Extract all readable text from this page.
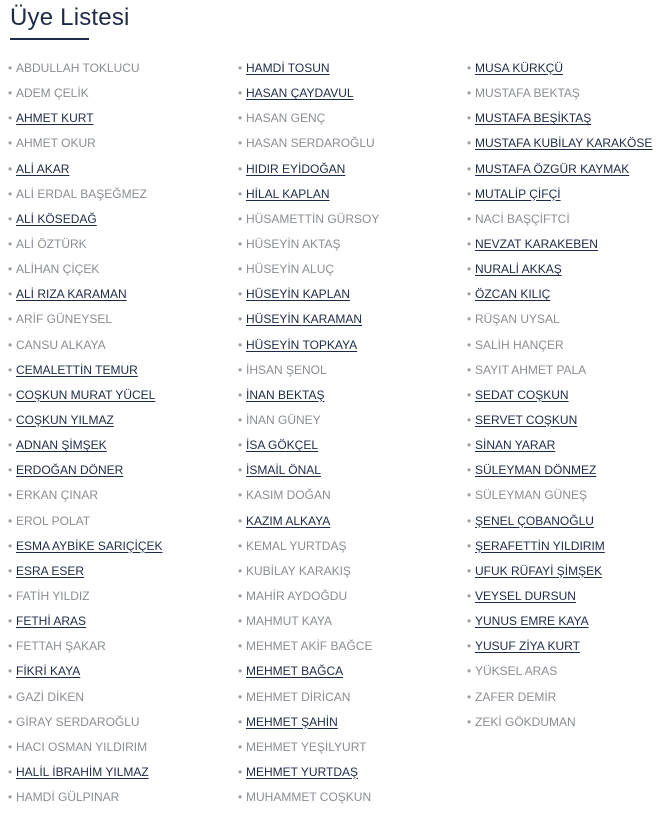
Üye Listesi
• ABDULLAH TOKLUCU
• ADEM ÇELİK
• AHMET KURT
• AHMET OKUR
• ALİ AKAR
• ALİ ERDAL BAŞEĞMEZ
• ALİ KÖSEDAĞ
• ALİ ÖZTÜRK
• ALİHAN ÇİÇEK
• ALİ RIZA KARAMAN
• ARİF GÜNEYSEL
• CANSU ALKAYA
• CEMALETTİN TEMUR
• COŞKUN MURAT YÜCEL
• COŞKUN YILMAZ
• ADNAN ŞİMŞEK
• ERDOĞAN DÖNER
• ERKAN ÇINAR
• EROL POLAT
• ESMA AYBİKE SARIÇİÇEK
• ESRA ESER
• FATİH YILDIZ
• FETHİ ARAS
• FETTAH ŞAKAR
• FİKRİ KAYA
• GAZİ DİKEN
• GİRAY SERDAROĞLU
• HACI OSMAN YILDIRIM
• HALİL İBRAHİM YILMAZ
• HAMDİ GÜLPINAR
• HAMDİ TOSUN
• HASAN ÇAYDAVUL
• HASAN GENÇ
• HASAN SERDAROĞLU
• HIDIR EYİDOĞAN
• HİLAL KAPLAN
• HÜSAMETTİN GÜRSOY
• HÜSEYİN AKTAŞ
• HÜSEYİN ALUÇ
• HÜSEYİN KAPLAN
• HÜSEYİN KARAMAN
• HÜSEYİN TOPKAYA
• İHSAN ŞENOL
• İNAN BEKTAŞ
• İNAN GÜNEY
• İSA GÖKÇEL
• İSMAİL ÖNAL
• KASIM DOĞAN
• KAZIM ALKAYA
• KEMAL YURTDAŞ
• KUBİLAY KARAKIŞ
• MAHİR AYDOĞDU
• MAHMUT KAYA
• MEHMET AKİF BAĞCE
• MEHMET BAĞCA
• MEHMET DİRİCAN
• MEHMET ŞAHİN
• MEHMET YEŞİLYURT
• MEHMET YURTDAŞ
• MUHAMMET COŞKUN
• MUSA KÜRKÇÜ
• MUSTAFA BEKTAŞ
• MUSTAFA BEŞİKTAŞ
• MUSTAFA KUBİLAY KARAKÖSE
• MUSTAFA ÖZGÜR KAYMAK
• MUTALİP ÇİFÇİ
• NACİ BAŞÇİFTCİ
• NEVZAT KARAKEBEN
• NURALİ AKKAŞ
• ÖZCAN KILIÇ
• RÜŞAN UYSAL
• SALİH HANÇER
• SAYIT AHMET PALA
• SEDAT COŞKUN
• SERVET COŞKUN
• SİNAN YARAR
• SÜLEYMAN DÖNMEZ
• SÜLEYMAN GÜNEŞ
• ŞENEL ÇOBANOĞLU
• ŞERAFETTİN YILDIRIM
• UFUK RÜFAYİ ŞİMŞEK
• VEYSEL DURSUN
• YUNUS EMRE KAYA
• YUSUF ZİYA KURT
• YÜKSEL ARAS
• ZAFER DEMİR
• ZEKİ GÖKDUMAN
